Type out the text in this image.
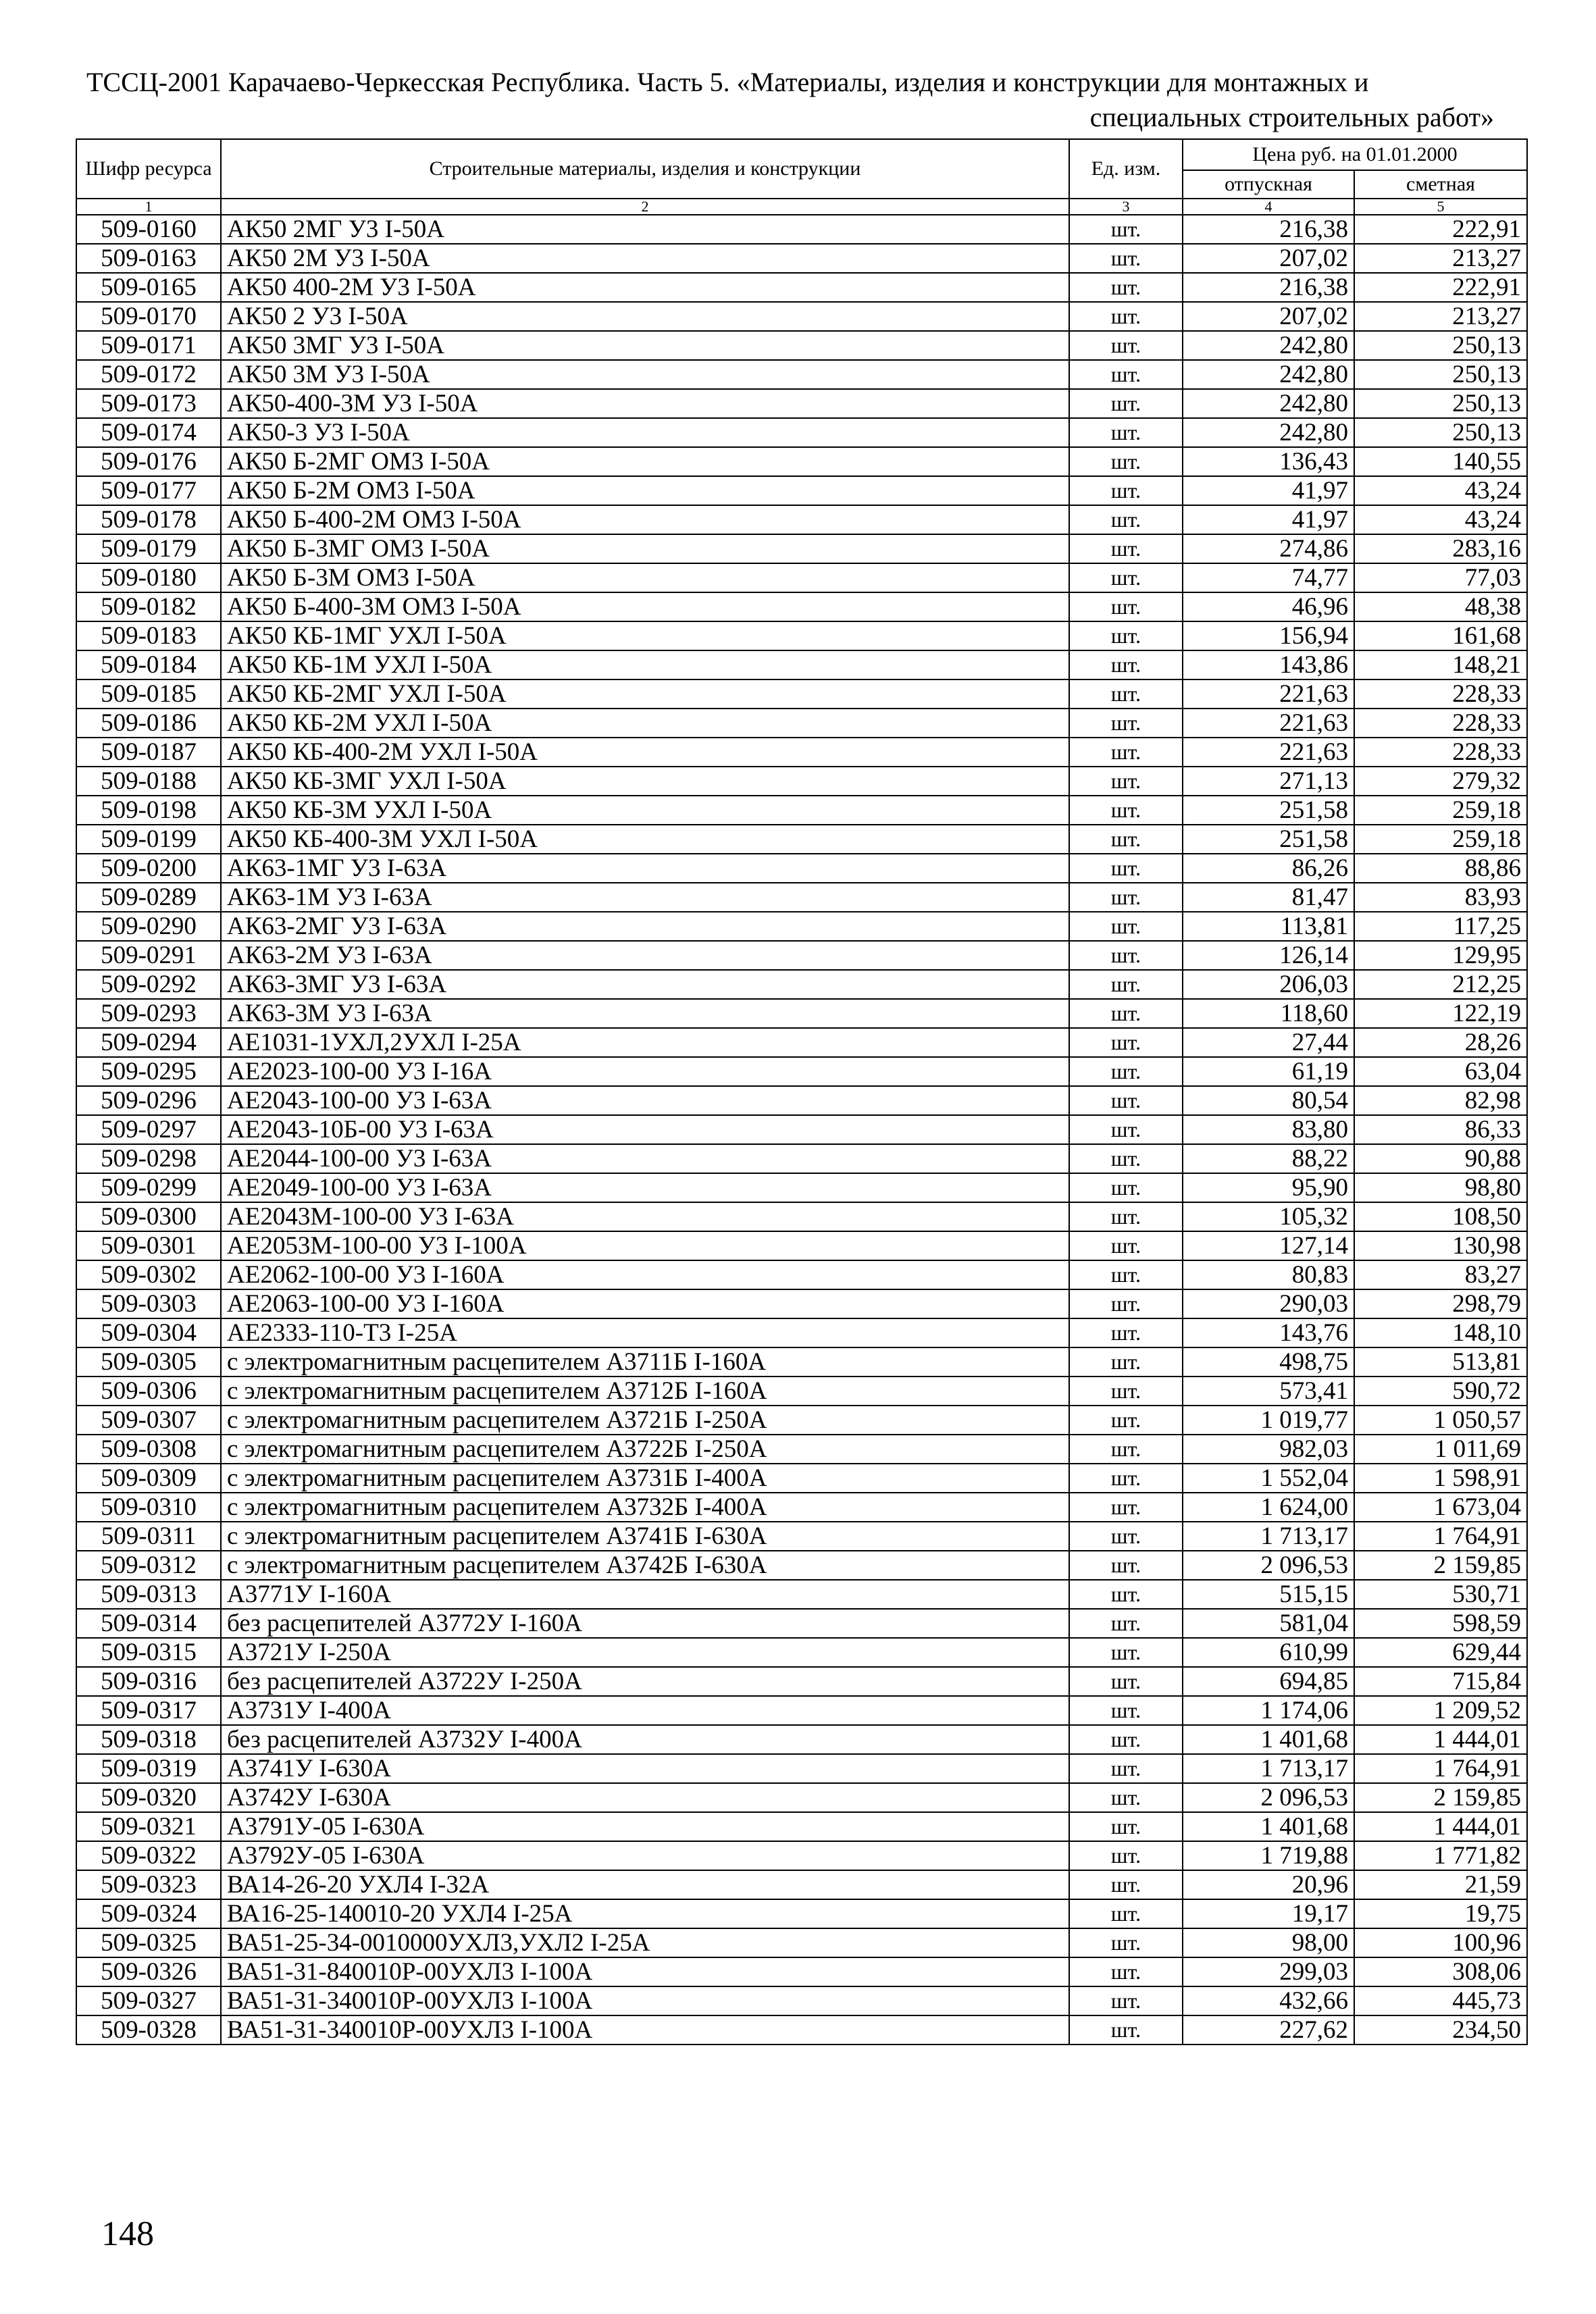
ТССЦ-2001 Карачаево-Черкесская Республика. Часть 5. «Материалы, изделия и конструкции для монтажных и
специальных строительных работ»
Шифр ресурса	Строительные материалы, изделия и конструкции	Ед. изм.	Цена руб. на 01.01.2000	
			отпускная	сметная
1	2	3	4	5
509-0160	АК50 2МГ У3 I-50А	шт.	216,38	222,91
509-0163	АК50 2М У3 I-50А	шт.	207,02	213,27
509-0165	АК50 400-2М У3 I-50А	шт.	216,38	222,91
509-0170	АК50 2 У3 I-50А	шт.	207,02	213,27
509-0171	АК50 3МГ У3 I-50А	шт.	242,80	250,13
509-0172	АК50 3М У3 I-50А	шт.	242,80	250,13
509-0173	АК50-400-3М У3 I-50А	шт.	242,80	250,13
509-0174	АК50-3 У3 I-50А	шт.	242,80	250,13
509-0176	АК50 Б-2МГ ОМ3 I-50А	шт.	136,43	140,55
509-0177	АК50 Б-2М ОМ3 I-50А	шт.	41,97	43,24
509-0178	АК50 Б-400-2М ОМ3 I-50А	шт.	41,97	43,24
509-0179	АК50 Б-3МГ ОМ3 I-50А	шт.	274,86	283,16
509-0180	АК50 Б-3М ОМ3 I-50А	шт.	74,77	77,03
509-0182	АК50 Б-400-3М ОМ3 I-50А	шт.	46,96	48,38
509-0183	АК50 КБ-1МГ УХЛ I-50А	шт.	156,94	161,68
509-0184	АК50 КБ-1М УХЛ I-50А	шт.	143,86	148,21
509-0185	АК50 КБ-2МГ УХЛ I-50А	шт.	221,63	228,33
509-0186	АК50 КБ-2М УХЛ I-50А	шт.	221,63	228,33
509-0187	АК50 КБ-400-2М УХЛ I-50А	шт.	221,63	228,33
509-0188	АК50 КБ-3МГ УХЛ I-50А	шт.	271,13	279,32
509-0198	АК50 КБ-3М УХЛ I-50А	шт.	251,58	259,18
509-0199	АК50 КБ-400-3М УХЛ I-50А	шт.	251,58	259,18
509-0200	АК63-1МГ У3 I-63А	шт.	86,26	88,86
509-0289	АК63-1М У3 I-63А	шт.	81,47	83,93
509-0290	АК63-2МГ У3 I-63А	шт.	113,81	117,25
509-0291	АК63-2М У3 I-63А	шт.	126,14	129,95
509-0292	АК63-3МГ У3 I-63А	шт.	206,03	212,25
509-0293	АК63-3М У3 I-63А	шт.	118,60	122,19
509-0294	АЕ1031-1УХЛ,2УХЛ I-25А	шт.	27,44	28,26
509-0295	АЕ2023-100-00 У3 I-16А	шт.	61,19	63,04
509-0296	АЕ2043-100-00 У3 I-63А	шт.	80,54	82,98
509-0297	АЕ2043-10Б-00 У3 I-63А	шт.	83,80	86,33
509-0298	АЕ2044-100-00 У3 I-63А	шт.	88,22	90,88
509-0299	АЕ2049-100-00 У3 I-63А	шт.	95,90	98,80
509-0300	АЕ2043М-100-00 У3 I-63А	шт.	105,32	108,50
509-0301	АЕ2053М-100-00 У3 I-100А	шт.	127,14	130,98
509-0302	АЕ2062-100-00 У3 I-160А	шт.	80,83	83,27
509-0303	АЕ2063-100-00 У3 I-160А	шт.	290,03	298,79
509-0304	АЕ2333-110-Т3 I-25А	шт.	143,76	148,10
509-0305	с электромагнитным расцепителем А3711Б I-160А	шт.	498,75	513,81
509-0306	с электромагнитным расцепителем А3712Б I-160А	шт.	573,41	590,72
509-0307	с электромагнитным расцепителем А3721Б I-250А	шт.	1 019,77	1 050,57
509-0308	с электромагнитным расцепителем А3722Б I-250А	шт.	982,03	1 011,69
509-0309	с электромагнитным расцепителем А3731Б I-400А	шт.	1 552,04	1 598,91
509-0310	с электромагнитным расцепителем А3732Б I-400А	шт.	1 624,00	1 673,04
509-0311	с электромагнитным расцепителем А3741Б I-630А	шт.	1 713,17	1 764,91
509-0312	с электромагнитным расцепителем А3742Б I-630А	шт.	2 096,53	2 159,85
509-0313	А3771У I-160А	шт.	515,15	530,71
509-0314	без расцепителей А3772У I-160А	шт.	581,04	598,59
509-0315	А3721У I-250А	шт.	610,99	629,44
509-0316	без расцепителей А3722У I-250А	шт.	694,85	715,84
509-0317	А3731У I-400А	шт.	1 174,06	1 209,52
509-0318	без расцепителей А3732У I-400А	шт.	1 401,68	1 444,01
509-0319	А3741У I-630А	шт.	1 713,17	1 764,91
509-0320	А3742У I-630А	шт.	2 096,53	2 159,85
509-0321	А3791У-05 I-630А	шт.	1 401,68	1 444,01
509-0322	А3792У-05 I-630А	шт.	1 719,88	1 771,82
509-0323	ВА14-26-20 УХЛ4 I-32А	шт.	20,96	21,59
509-0324	ВА16-25-140010-20 УХЛ4 I-25А	шт.	19,17	19,75
509-0325	ВА51-25-34-0010000УХЛ3,УХЛ2 I-25А	шт.	98,00	100,96
509-0326	ВА51-31-840010Р-00УХЛ3 I-100А	шт.	299,03	308,06
509-0327	ВА51-31-340010Р-00УХЛ3 I-100А	шт.	432,66	445,73
509-0328	ВА51-31-340010Р-00УХЛ3 I-100А	шт.	227,62	234,50
148
